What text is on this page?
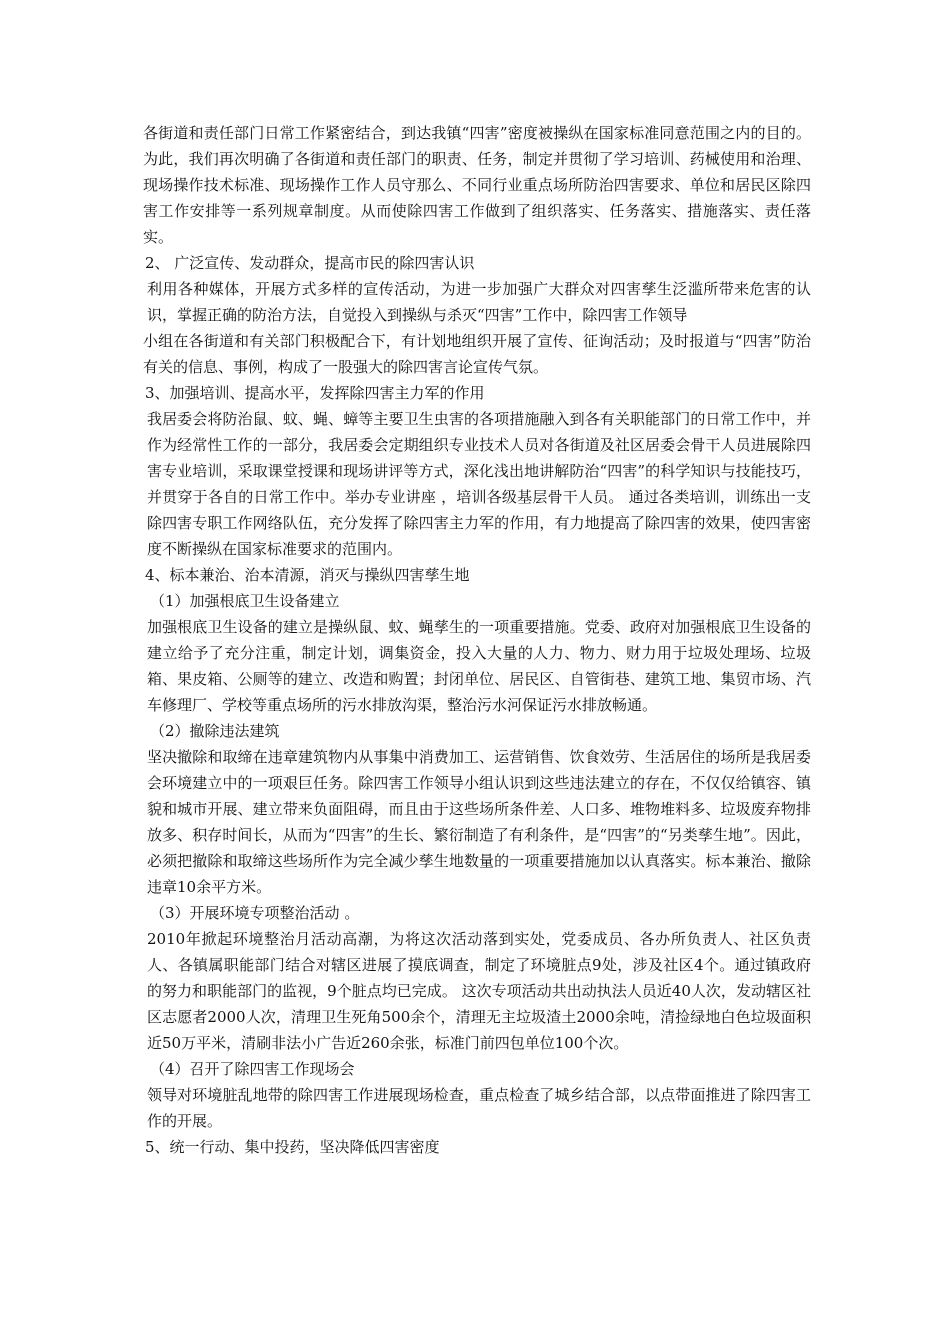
各街道和责任部门日常工作紧密结合，到达我镇“四害”密度被操纵在国家标准同意范围之内的目的。为此，我们再次明确了各街道和责任部门的职责、任务，制定并贯彻了学习培训、药械使用和治理、现场操作技术标准、现场操作工作人员守那么、不同行业重点场所防治四害要求、单位和居民区除四害工作安排等一系列规章制度。从而使除四害工作做到了组织落实、任务落实、措施落实、责任落实。

2、 广泛宣传、发动群众，提高市民的除四害认识

利用各种媒体，开展方式多样的宣传活动，为进一步加强广大群众对四害孳生泛滥所带来危害的认识，掌握正确的防治方法，自觉投入到操纵与杀灭“四害”工作中，除四害工作领导

小组在各街道和有关部门积极配合下，有计划地组织开展了宣传、征询活动；及时报道与“四害”防治有关的信息、事例，构成了一股强大的除四害言论宣传气氛。

3、加强培训、提高水平，发挥除四害主力军的作用

我居委会将防治鼠、蚊、蝇、蟑等主要卫生虫害的各项措施融入到各有关职能部门的日常工作中，并作为经常性工作的一部分，我居委会定期组织专业技术人员对各街道及社区居委会骨干人员进展除四害专业培训，采取课堂授课和现场讲评等方式，深化浅出地讲解防治“四害”的科学知识与技能技巧，并贯穿于各自的日常工作中。举办专业讲座 ，培训各级基层骨干人员。 通过各类培训，训练出一支除四害专职工作网络队伍，充分发挥了除四害主力军的作用，有力地提高了除四害的效果，使四害密度不断操纵在国家标准要求的范围内。

4、标本兼治、治本清源，消灭与操纵四害孳生地

（1）加强根底卫生设备建立

加强根底卫生设备的建立是操纵鼠、蚊、蝇孳生的一项重要措施。党委、政府对加强根底卫生设备的建立给予了充分注重，制定计划，调集资金，投入大量的人力、物力、财力用于垃圾处理场、垃圾箱、果皮箱、公厕等的建立、改造和购置；封闭单位、居民区、自管街巷、建筑工地、集贸市场、汽车修理厂、学校等重点场所的污水排放沟渠，整治污水河保证污水排放畅通。

（2）撤除违法建筑

坚决撤除和取缔在违章建筑物内从事集中消费加工、运营销售、饮食效劳、生活居住的场所是我居委会环境建立中的一项艰巨任务。除四害工作领导小组认识到这些违法建立的存在，不仅仅给镇容、镇貌和城市开展、建立带来负面阻碍，而且由于这些场所条件差、人口多、堆物堆料多、垃圾废弃物排放多、积存时间长，从而为“四害”的生长、繁衍制造了有利条件，是“四害”的“另类孳生地”。因此，必须把撤除和取缔这些场所作为完全减少孳生地数量的一项重要措施加以认真落实。标本兼治、撤除违章10余平方米。

（3）开展环境专项整治活动 。

2010年掀起环境整治月活动高潮，为将这次活动落到实处，党委成员、各办所负责人、社区负责人、各镇属职能部门结合对辖区进展了摸底调查，制定了环境脏点9处，涉及社区4个。通过镇政府的努力和职能部门的监视，9个脏点均已完成。 这次专项活动共出动执法人员近40人次，发动辖区社区志愿者2000人次，清理卫生死角500余个，清理无主垃圾渣土2000余吨，清捡绿地白色垃圾面积近50万平米，清刷非法小广告近260余张，标准门前四包单位100个次。

（4）召开了除四害工作现场会

领导对环境脏乱地带的除四害工作进展现场检查，重点检查了城乡结合部，以点带面推进了除四害工作的开展。

5、统一行动、集中投药，坚决降低四害密度
